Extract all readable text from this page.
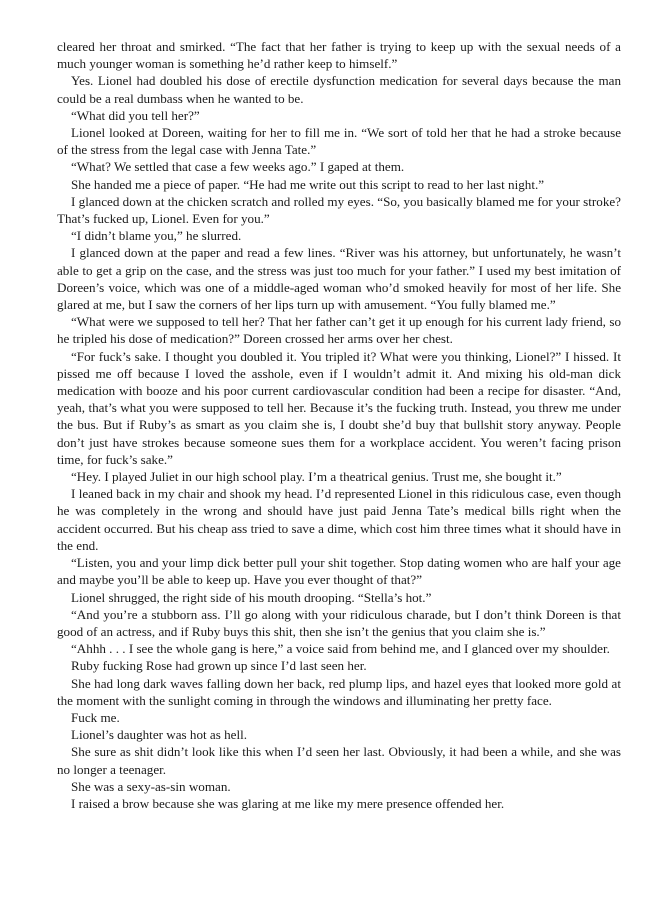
cleared her throat and smirked. “The fact that her father is trying to keep up with the sexual needs of a much younger woman is something he’d rather keep to himself.”

Yes. Lionel had doubled his dose of erectile dysfunction medication for several days because the man could be a real dumbass when he wanted to be.

“What did you tell her?”

Lionel looked at Doreen, waiting for her to fill me in. “We sort of told her that he had a stroke because of the stress from the legal case with Jenna Tate.”

“What? We settled that case a few weeks ago.” I gaped at them.

She handed me a piece of paper. “He had me write out this script to read to her last night.”

I glanced down at the chicken scratch and rolled my eyes. “So, you basically blamed me for your stroke? That’s fucked up, Lionel. Even for you.”

“I didn’t blame you,” he slurred.

I glanced down at the paper and read a few lines. “River was his attorney, but unfortunately, he wasn’t able to get a grip on the case, and the stress was just too much for your father.” I used my best imitation of Doreen’s voice, which was one of a middle-aged woman who’d smoked heavily for most of her life. She glared at me, but I saw the corners of her lips turn up with amusement. “You fully blamed me.”

“What were we supposed to tell her? That her father can’t get it up enough for his current lady friend, so he tripled his dose of medication?” Doreen crossed her arms over her chest.

“For fuck’s sake. I thought you doubled it. You tripled it? What were you thinking, Lionel?” I hissed. It pissed me off because I loved the asshole, even if I wouldn’t admit it. And mixing his old-man dick medication with booze and his poor current cardiovascular condition had been a recipe for disaster. “And, yeah, that’s what you were supposed to tell her. Because it’s the fucking truth. Instead, you threw me under the bus. But if Ruby’s as smart as you claim she is, I doubt she’d buy that bullshit story anyway. People don’t just have strokes because someone sues them for a workplace accident. You weren’t facing prison time, for fuck’s sake.”

“Hey. I played Juliet in our high school play. I’m a theatrical genius. Trust me, she bought it.”

I leaned back in my chair and shook my head. I’d represented Lionel in this ridiculous case, even though he was completely in the wrong and should have just paid Jenna Tate’s medical bills right when the accident occurred. But his cheap ass tried to save a dime, which cost him three times what it should have in the end.

“Listen, you and your limp dick better pull your shit together. Stop dating women who are half your age and maybe you’ll be able to keep up. Have you ever thought of that?”

Lionel shrugged, the right side of his mouth drooping. “Stella’s hot.”

“And you’re a stubborn ass. I’ll go along with your ridiculous charade, but I don’t think Doreen is that good of an actress, and if Ruby buys this shit, then she isn’t the genius that you claim she is.”

“Ahhh . . . I see the whole gang is here,” a voice said from behind me, and I glanced over my shoulder.

Ruby fucking Rose had grown up since I’d last seen her.

She had long dark waves falling down her back, red plump lips, and hazel eyes that looked more gold at the moment with the sunlight coming in through the windows and illuminating her pretty face.

Fuck me.

Lionel’s daughter was hot as hell.

She sure as shit didn’t look like this when I’d seen her last. Obviously, it had been a while, and she was no longer a teenager.

She was a sexy-as-sin woman.

I raised a brow because she was glaring at me like my mere presence offended her.
